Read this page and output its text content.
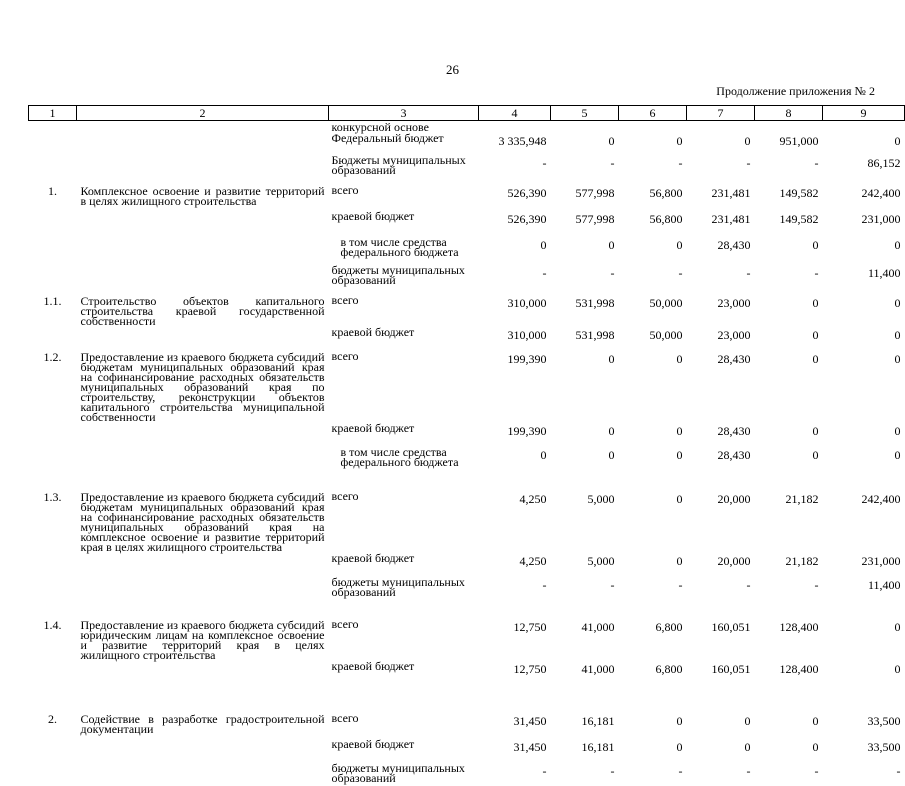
26
Продолжение приложения № 2
1	2	3	4	5	6	7	8	9
		конкурсной основе						
		Федеральный бюджет	3 335,948	0	0	0	951,000	0
		Бюджеты муниципальных образований	-	-	-	-	-	86,152
1.	Комплексное освоение и развитие территорий в целях жилищного строительства	всего	526,390	577,998	56,800	231,481	149,582	242,400
		краевой бюджет	526,390	577,998	56,800	231,481	149,582	231,000
		в том числе средства федерального бюджета	0	0	0	28,430	0	0
		бюджеты муниципальных образований	-	-	-	-	-	11,400
1.1.	Строительство объектов капитального строительства краевой государственной собственности	всего	310,000	531,998	50,000	23,000	0	0
		краевой бюджет	310,000	531,998	50,000	23,000	0	0
1.2.	Предоставление из краевого бюджета субсидий бюджетам муниципальных образований края на софинансирование расходных обязательств муниципальных образований края по строительству, реконструкции объектов капитального строительства муниципальной собственности	всего	199,390	0	0	28,430	0	0
		краевой бюджет	199,390	0	0	28,430	0	0
		в том числе средства федерального бюджета	0	0	0	28,430	0	0
1.3.	Предоставление из краевого бюджета субсидий бюджетам муниципальных образований края на софинансирование расходных обязательств муниципальных образований края на комплексное освоение и развитие территорий края в целях жилищного строительства	всего	4,250	5,000	0	20,000	21,182	242,400
		краевой бюджет	4,250	5,000	0	20,000	21,182	231,000
		бюджеты муниципальных образований	-	-	-	-	-	11,400
1.4.	Предоставление из краевого бюджета субсидий юридическим лицам на комплексное освоение и развитие территорий края в целях жилищного строительства	всего	12,750	41,000	6,800	160,051	128,400	0
		краевой бюджет	12,750	41,000	6,800	160,051	128,400	0
2.	Содействие в разработке градостроительной документации	всего	31,450	16,181	0	0	0	33,500
		краевой бюджет	31,450	16,181	0	0	0	33,500
		бюджеты муниципальных образований	-	-	-	-	-	-
